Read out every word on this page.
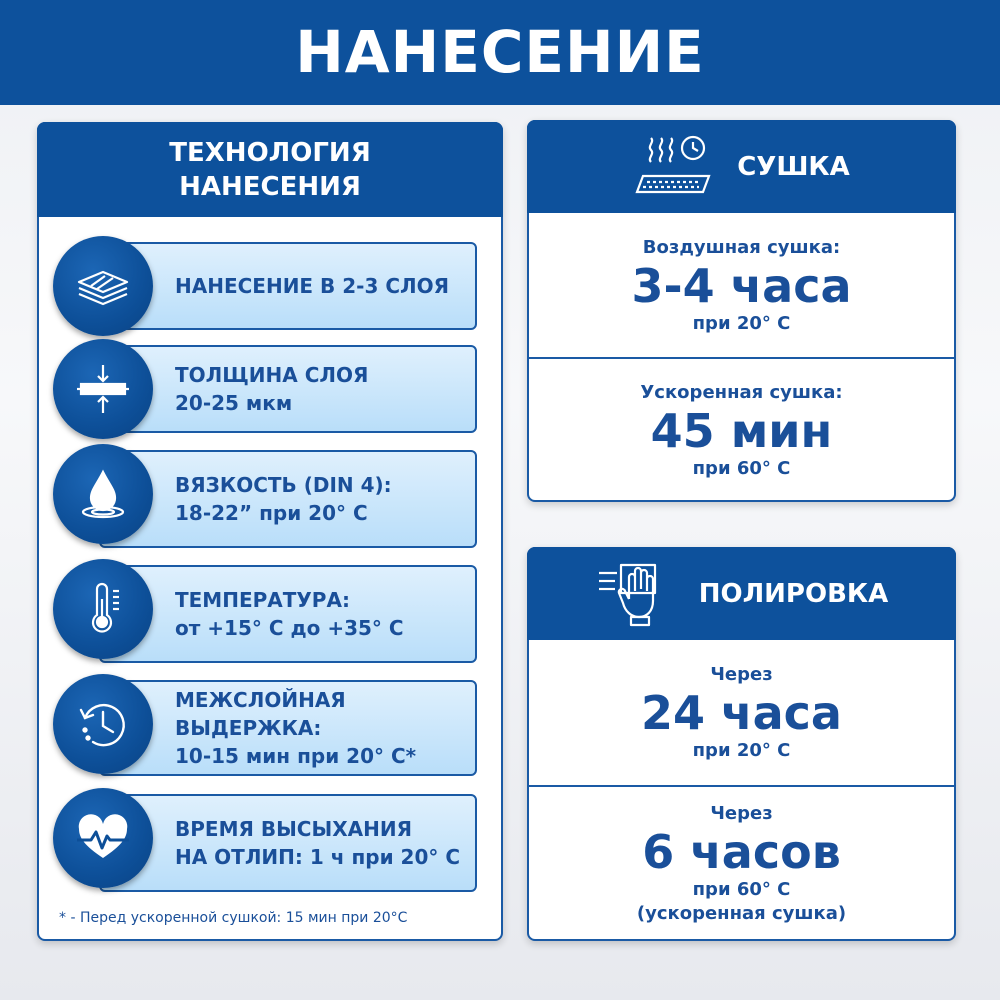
НАНЕСЕНИЕ
ТЕХНОЛОГИЯ
НАНЕСЕНИЯ
НАНЕСЕНИЕ В 2-3 СЛОЯ
ТОЛЩИНА СЛОЯ
20-25 мкм
ВЯЗКОСТЬ (DIN 4):
18-22” при 20° С
ТЕМПЕРАТУРА:
от +15° С до +35° С
МЕЖСЛОЙНАЯ ВЫДЕРЖКА:
10-15 мин при 20° С*
ВРЕМЯ ВЫСЫХАНИЯ
НА ОТЛИП: 1 ч при 20° С
* - Перед ускоренной сушкой: 15 мин при 20°С
СУШКА
Воздушная сушка:
3-4 часа
при 20° С
Ускоренная сушка:
45 мин
при 60° С
ПОЛИРОВКА
Через
24 часа
при 20° С
Через
6 часов
при 60° С
(ускоренная сушка)
